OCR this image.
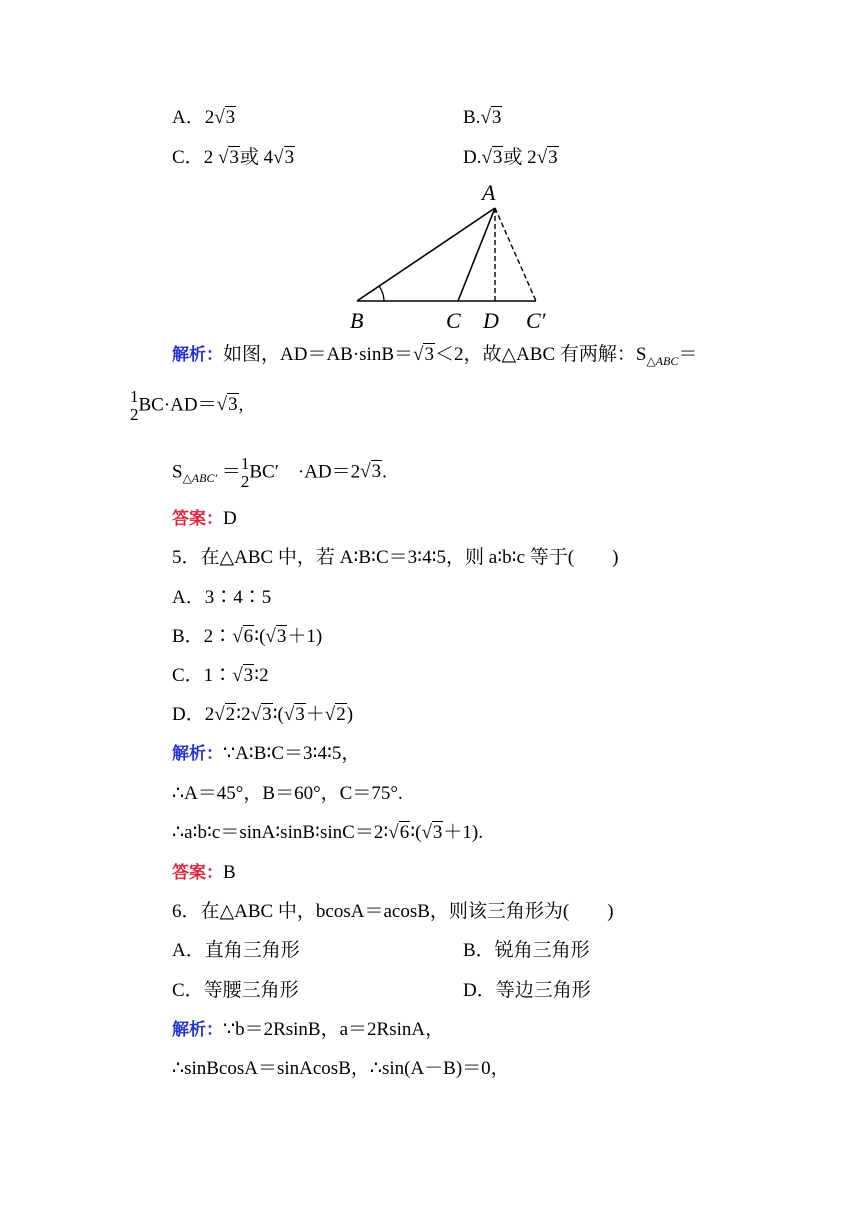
A．2√3	B.√3
C．2 √3或 4√3	D.√3或 2√3
A
B	C D C′
解析：如图，AD＝AB·sinB＝√3＜2，故△ABC 有两解：$S_{\triangle ABC}=$
1
2 BC·AD＝√3,
$S_{\triangle ABC'} = 1$
2 BC′　·AD＝2√3.
答案：D
5．在△ABC 中，若 A∶B∶C＝3∶4∶5，则 a∶b∶c 等于(　　)
A．3∶4∶5
B．2∶√6∶(√3＋1)
C．1∶√3∶2
D．2√2∶2√3∶(√3＋√2)
解析：∵A∶B∶C＝3∶4∶5，
∴A＝45°，B＝60°，C＝75°.
∴a∶b∶c＝sinA∶sinB∶sinC＝2∶√6∶(√3＋1).
答案：B
6．在△ABC 中，bcosA＝acosB，则该三角形为(　　)
A．直角三角形	B．锐角三角形
C．等腰三角形	D．等边三角形
解析：∵b＝2RsinB，a＝2RsinA，
∴sinBcosA＝sinAcosB，∴sin(A－B)＝0，
